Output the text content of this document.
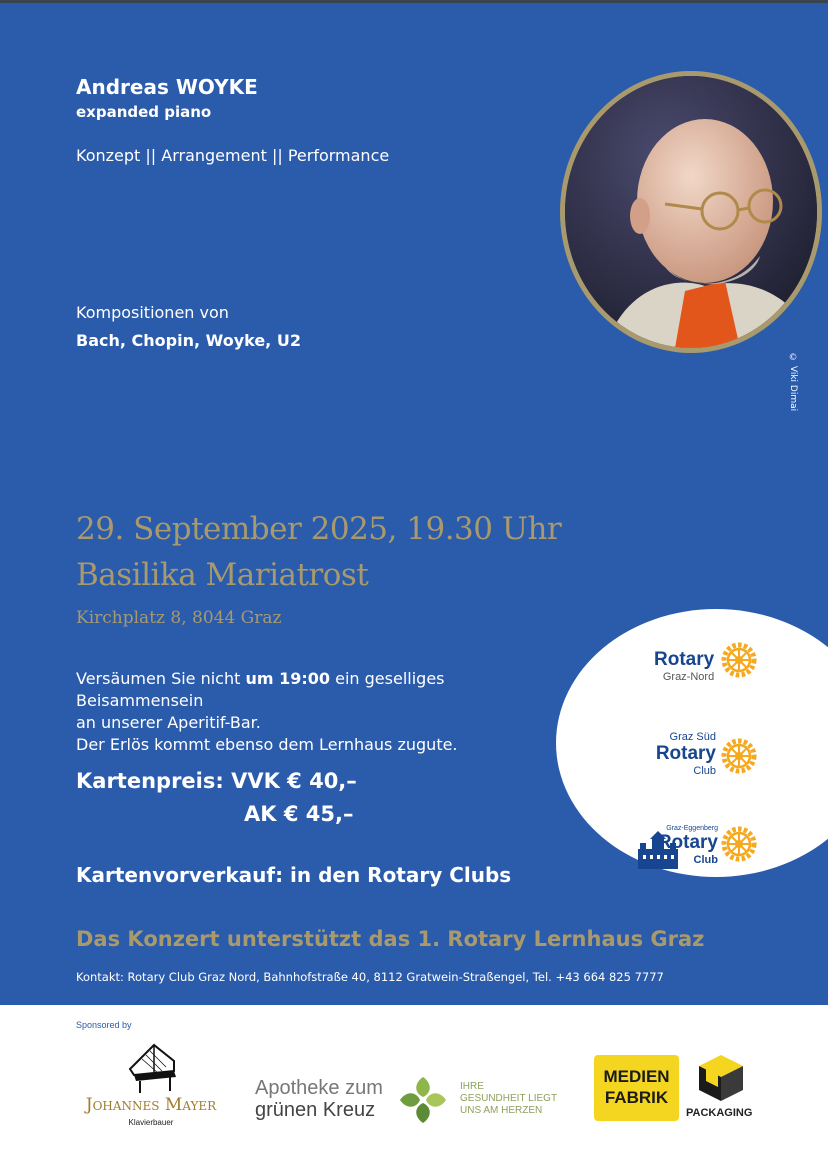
Andreas WOYKE
expanded piano
Konzept || Arrangement || Performance
Kompositionen von
Bach, Chopin, Woyke, U2
© Viki Dimai
29. September 2025, 19.30 Uhr
Basilika Mariatrost
Kirchplatz 8, 8044 Graz
Versäumen Sie nicht um 19:00 ein geselliges Beisammensein
an unserer Aperitif-Bar.
Der Erlös kommt ebenso dem Lernhaus zugute.
Kartenpreis: VVK € 40,–
AK € 45,–
Kartenvorverkauf: in den Rotary Clubs
Das Konzert unterstützt das 1. Rotary Lernhaus Graz
Kontakt: Rotary Club Graz Nord, Bahnhofstraße 40, 8112 Gratwein-Straßengel, Tel. +43 664 825 7777
Rotary
Graz-Nord
Graz Süd
Rotary
Club
Graz-Eggenberg
Rotary
Club
Sponsored by
Johannes Mayer
Klavierbauer
Apotheke zum
grünen Kreuz
IHRE
GESUNDHEIT LIEGT
UNS AM HERZEN
MEDIEN
FABRIK
PACKAGING
